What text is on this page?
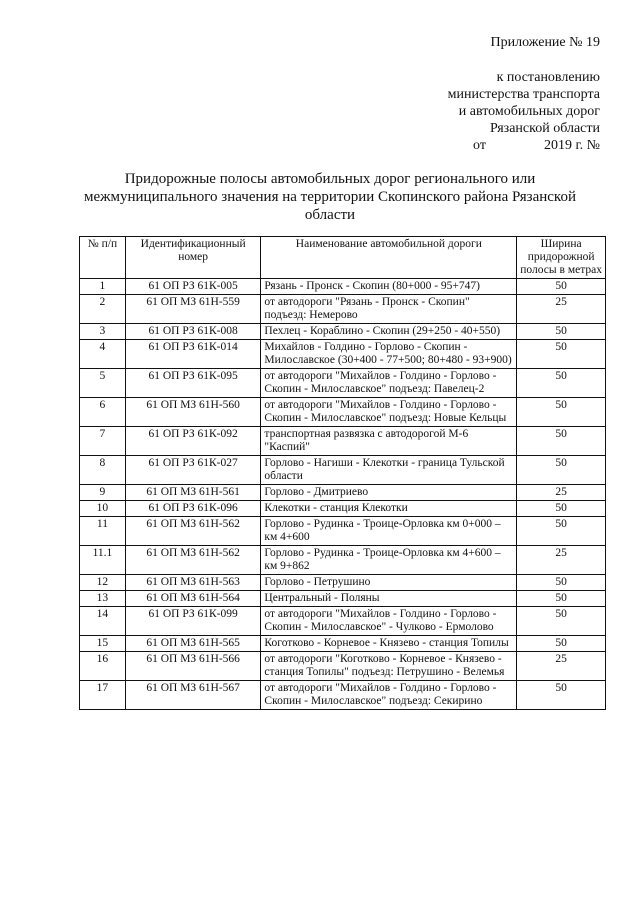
Приложение № 19
к постановлению
министерства транспорта
и автомобильных дорог
Рязанской области
от	2019 г. №
Придорожные полосы автомобильных дорог регионального или межмуниципального значения на территории Скопинского района Рязанской области
№ п/п	Идентификационный номер	Наименование автомобильной дороги	Ширина придорожной полосы в метрах
1	61 ОП РЗ 61К-005	Рязань - Пронск - Скопин (80+000 - 95+747)	50
2	61 ОП МЗ 61Н-559	от автодороги "Рязань - Пронск - Скопин" подъезд: Немерово	25
3	61 ОП РЗ 61К-008	Пехлец - Кораблино - Скопин (29+250 - 40+550)	50
4	61 ОП РЗ 61К-014	Михайлов - Голдино - Горлово - Скопин - Милославское (30+400 - 77+500; 80+480 - 93+900)	50
5	61 ОП РЗ 61К-095	от автодороги "Михайлов - Голдино - Горлово - Скопин - Милославское" подъезд: Павелец-2	50
6	61 ОП МЗ 61Н-560	от автодороги "Михайлов - Голдино - Горлово - Скопин - Милославское" подъезд: Новые Кельцы	50
7	61 ОП РЗ 61К-092	транспортная развязка с автодорогой М-6 "Каспий"	50
8	61 ОП РЗ 61К-027	Горлово - Нагиши - Клекотки - граница Тульской области	50
9	61 ОП МЗ 61Н-561	Горлово - Дмитриево	25
10	61 ОП РЗ 61К-096	Клекотки - станция Клекотки	50
11	61 ОП МЗ 61Н-562	Горлово - Рудинка - Троице-Орловка км 0+000 – км 4+600	50
11.1	61 ОП МЗ 61Н-562	Горлово - Рудинка - Троице-Орловка км 4+600 – км 9+862	25
12	61 ОП МЗ 61Н-563	Горлово - Петрушино	50
13	61 ОП МЗ 61Н-564	Центральный - Поляны	50
14	61 ОП РЗ 61К-099	от автодороги "Михайлов - Голдино - Горлово - Скопин - Милославское" - Чулково - Ермолово	50
15	61 ОП МЗ 61Н-565	Коготково - Корневое - Князево - станция Топилы	50
16	61 ОП МЗ 61Н-566	от автодороги "Коготково - Корневое - Князево - станция Топилы" подъезд: Петрушино - Велемья	25
17	61 ОП МЗ 61Н-567	от автодороги "Михайлов - Голдино - Горлово - Скопин - Милославское" подъезд: Секирино	50
